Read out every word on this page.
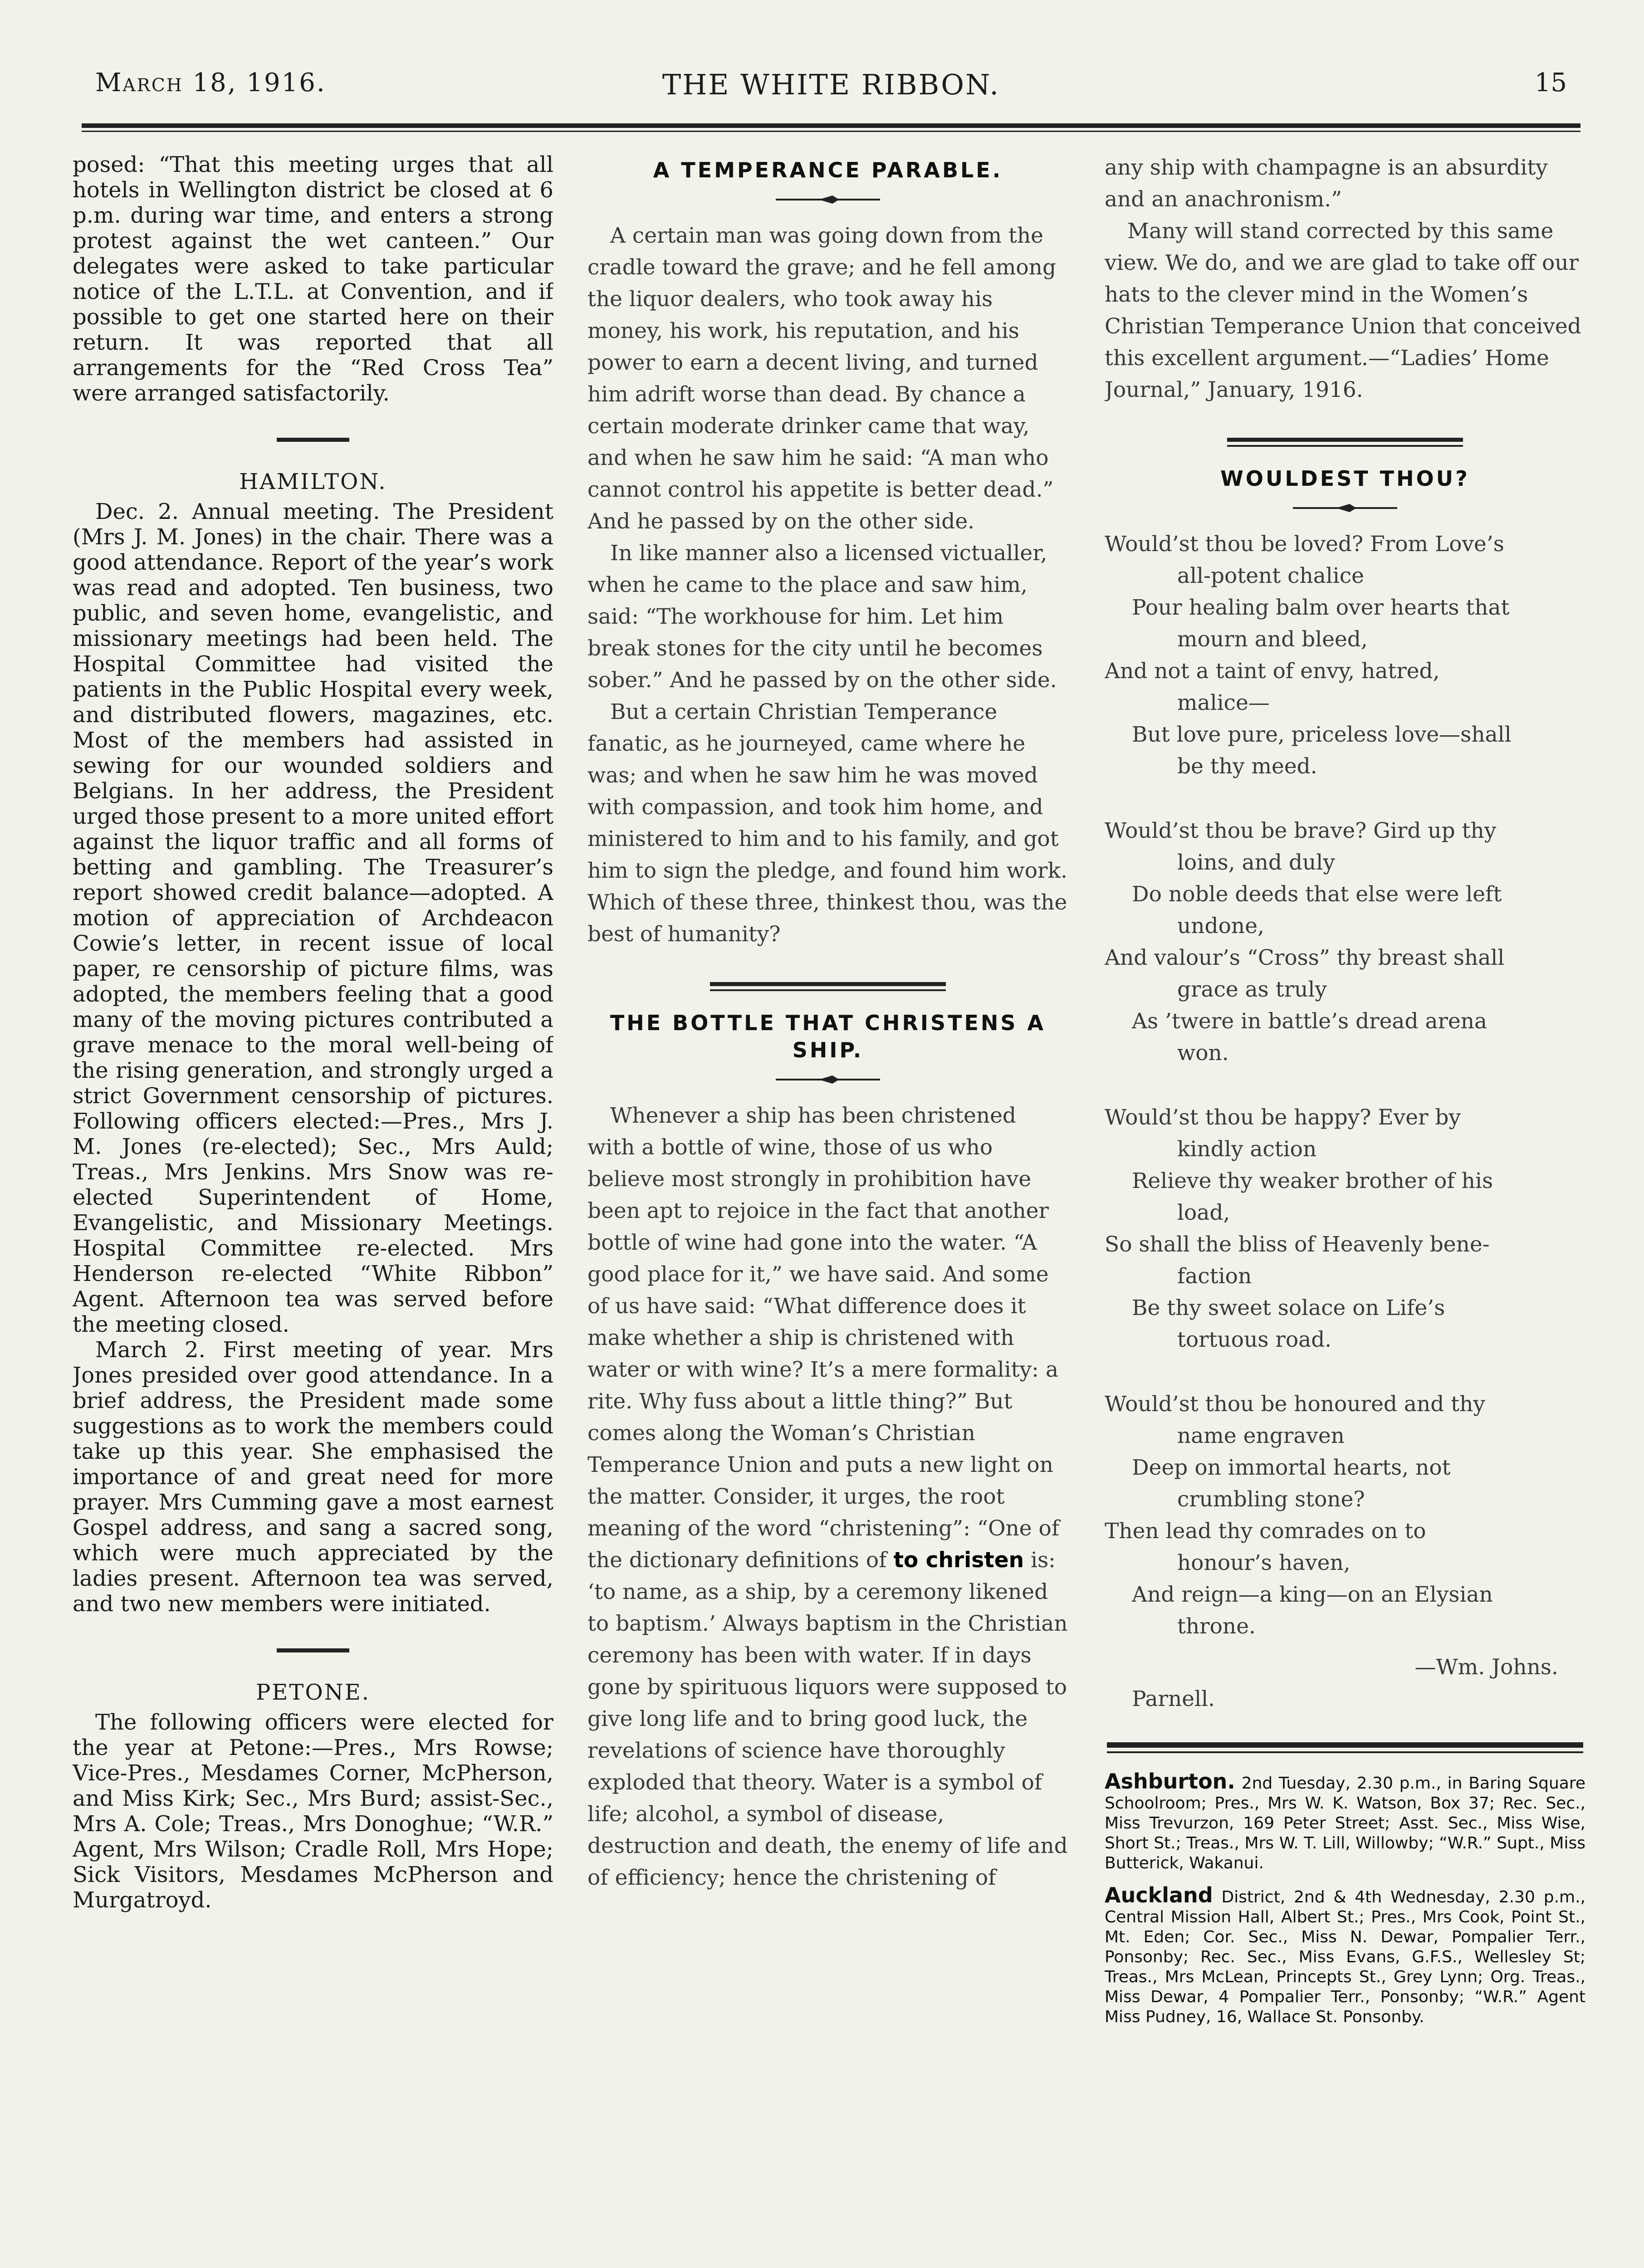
March 18, 1916.	THE WHITE RIBBON.	15

posed: “That this meeting urges that all hotels in Wellington district be closed at 6 p.m. during war time, and enters a strong protest against the wet canteen.” Our delegates were asked to take particular notice of the L.T.L. at Convention, and if possible to get one started here on their return. It was reported that all arrangements for the “Red Cross Tea” were arranged satisfactorily.

HAMILTON.

Dec. 2. Annual meeting. The President (Mrs J. M. Jones) in the chair. There was a good attendance. Report of the year’s work was read and adopted. Ten business, two public, and seven home, evangelistic, and missionary meetings had been held. The Hospital Committee had visited the patients in the Public Hospital every week, and distributed flowers, magazines, etc. Most of the members had assisted in sewing for our wounded soldiers and Belgians. In her address, the President urged those present to a more united effort against the liquor traffic and all forms of betting and gambling. The Treasurer’s report showed credit balance—adopted. A motion of appreciation of Archdeacon Cowie’s letter, in recent issue of local paper, re censorship of picture films, was adopted, the members feeling that a good many of the moving pictures contributed a grave menace to the moral well-being of the rising generation, and strongly urged a strict Government censorship of pictures. Following officers elected:—Pres., Mrs J. M. Jones (re-elected); Sec., Mrs Auld; Treas., Mrs Jenkins. Mrs Snow was re-elected Superintendent of Home, Evangelistic, and Missionary Meetings. Hospital Committee re-elected. Mrs Henderson re-elected “White Ribbon” Agent. Afternoon tea was served before the meeting closed.

March 2. First meeting of year. Mrs Jones presided over good attendance. In a brief address, the President made some suggestions as to work the members could take up this year. She emphasised the importance of and great need for more prayer. Mrs Cumming gave a most earnest Gospel address, and sang a sacred song, which were much appreciated by the ladies present. Afternoon tea was served, and two new members were initiated.

PETONE.

The following officers were elected for the year at Petone:—Pres., Mrs Rowse; Vice-Pres., Mesdames Corner, McPherson, and Miss Kirk; Sec., Mrs Burd; assist-Sec., Mrs A. Cole; Treas., Mrs Donoghue; “W.R.” Agent, Mrs Wilson; Cradle Roll, Mrs Hope; Sick Visitors, Mesdames McPherson and Murgatroyd.

A TEMPERANCE PARABLE.

A certain man was going down from the cradle toward the grave; and he fell among the liquor dealers, who took away his money, his work, his reputation, and his power to earn a decent living, and turned him adrift worse than dead. By chance a certain moderate drinker came that way, and when he saw him he said: “A man who cannot control his appetite is better dead.” And he passed by on the other side.

In like manner also a licensed victualler, when he came to the place and saw him, said: “The workhouse for him. Let him break stones for the city until he becomes sober.” And he passed by on the other side.

But a certain Christian Temperance fanatic, as he journeyed, came where he was; and when he saw him he was moved with compassion, and took him home, and ministered to him and to his family, and got him to sign the pledge, and found him work. Which of these three, thinkest thou, was the best of humanity?

THE BOTTLE THAT CHRISTENS A SHIP.

Whenever a ship has been christened with a bottle of wine, those of us who believe most strongly in prohibition have been apt to rejoice in the fact that another bottle of wine had gone into the water. “A good place for it,” we have said. And some of us have said: “What difference does it make whether a ship is christened with water or with wine? It’s a mere formality: a rite. Why fuss about a little thing?” But comes along the Woman’s Christian Temperance Union and puts a new light on the matter. Consider, it urges, the root meaning of the word “christening”: “One of the dictionary definitions of to christen is: ‘to name, as a ship, by a ceremony likened to baptism.’ Always baptism in the Christian ceremony has been with water. If in days gone by spirituous liquors were supposed to give long life and to bring good luck, the revelations of science have thoroughly exploded that theory. Water is a symbol of life; alcohol, a symbol of disease, destruction and death, the enemy of life and of efficiency; hence the christening of

any ship with champagne is an absurdity and an anachronism.”

Many will stand corrected by this same view. We do, and we are glad to take off our hats to the clever mind in the Women’s Christian Temperance Union that conceived this excellent argument.—“Ladies’ Home Journal,” January, 1916.

WOULDEST THOU?
Would’st thou be loved? From Love’s
all-potent chalice
Pour healing balm over hearts that
mourn and bleed,
And not a taint of envy, hatred,
malice—
But love pure, priceless love—shall
be thy meed.
Would’st thou be brave? Gird up thy
loins, and duly
Do noble deeds that else were left
undone,
And valour’s “Cross” thy breast shall
grace as truly
As ’twere in battle’s dread arena
won.
Would’st thou be happy? Ever by
kindly action
Relieve thy weaker brother of his
load,
So shall the bliss of Heavenly bene-
faction
Be thy sweet solace on Life’s
tortuous road.
Would’st thou be honoured and thy
name engraven
Deep on immortal hearts, not
crumbling stone?
Then lead thy comrades on to
honour’s haven,
And reign—a king—on an Elysian
throne.
—Wm. Johns.
Parnell.
Ashburton. 2nd Tuesday, 2.30 p.m., in Baring Square Schoolroom; Pres., Mrs W. K. Watson, Box 37; Rec. Sec., Miss Trevurzon, 169 Peter Street; Asst. Sec., Miss Wise, Short St.; Treas., Mrs W. T. Lill, Willowby; “W.R.” Supt., Miss Butterick, Wakanui.
Auckland District, 2nd & 4th Wednesday, 2.30 p.m., Central Mission Hall, Albert St.; Pres., Mrs Cook, Point St., Mt. Eden; Cor. Sec., Miss N. Dewar, Pompalier Terr., Ponsonby; Rec. Sec., Miss Evans, G.F.S., Wellesley St; Treas., Mrs McLean, Princepts St., Grey Lynn; Org. Treas., Miss Dewar, 4 Pompalier Terr., Ponsonby; “W.R.” Agent Miss Pudney, 16, Wallace St. Ponsonby.
